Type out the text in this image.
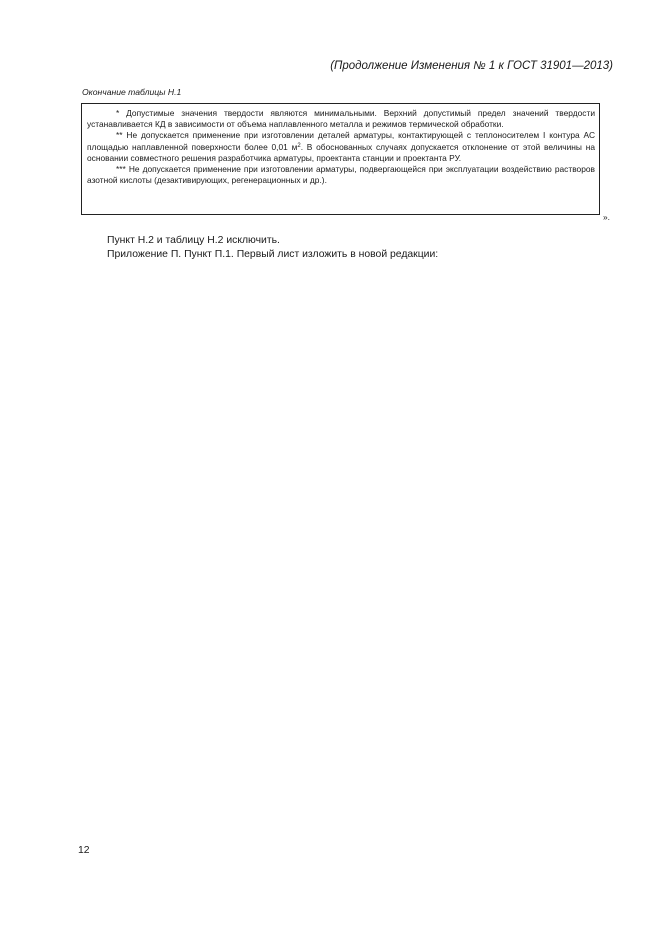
(Продолжение Изменения № 1 к ГОСТ 31901—2013)
Окончание таблицы Н.1

* Допустимые значения твердости являются минимальными. Верхний допустимый предел значений твердости устанавливается КД в зависимости от объема наплавленного металла и режимов термической обработки.

** Не допускается применение при изготовлении деталей арматуры, контактирующей с теплоносителем I контура АС площадью наплавленной поверхности более 0,01 $м^2$. В обоснованных случаях допускается отклонение от этой величины на основании совместного решения разработчика арматуры, проектанта станции и проектанта РУ.

*** Не допускается применение при изготовлении арматуры, подвергающейся при эксплуатации воздействию растворов азотной кислоты (дезактивирующих, регенерационных и др.).

».
Пункт Н.2 и таблицу Н.2 исключить.
Приложение П. Пункт П.1. Первый лист изложить в новой редакции:
12
